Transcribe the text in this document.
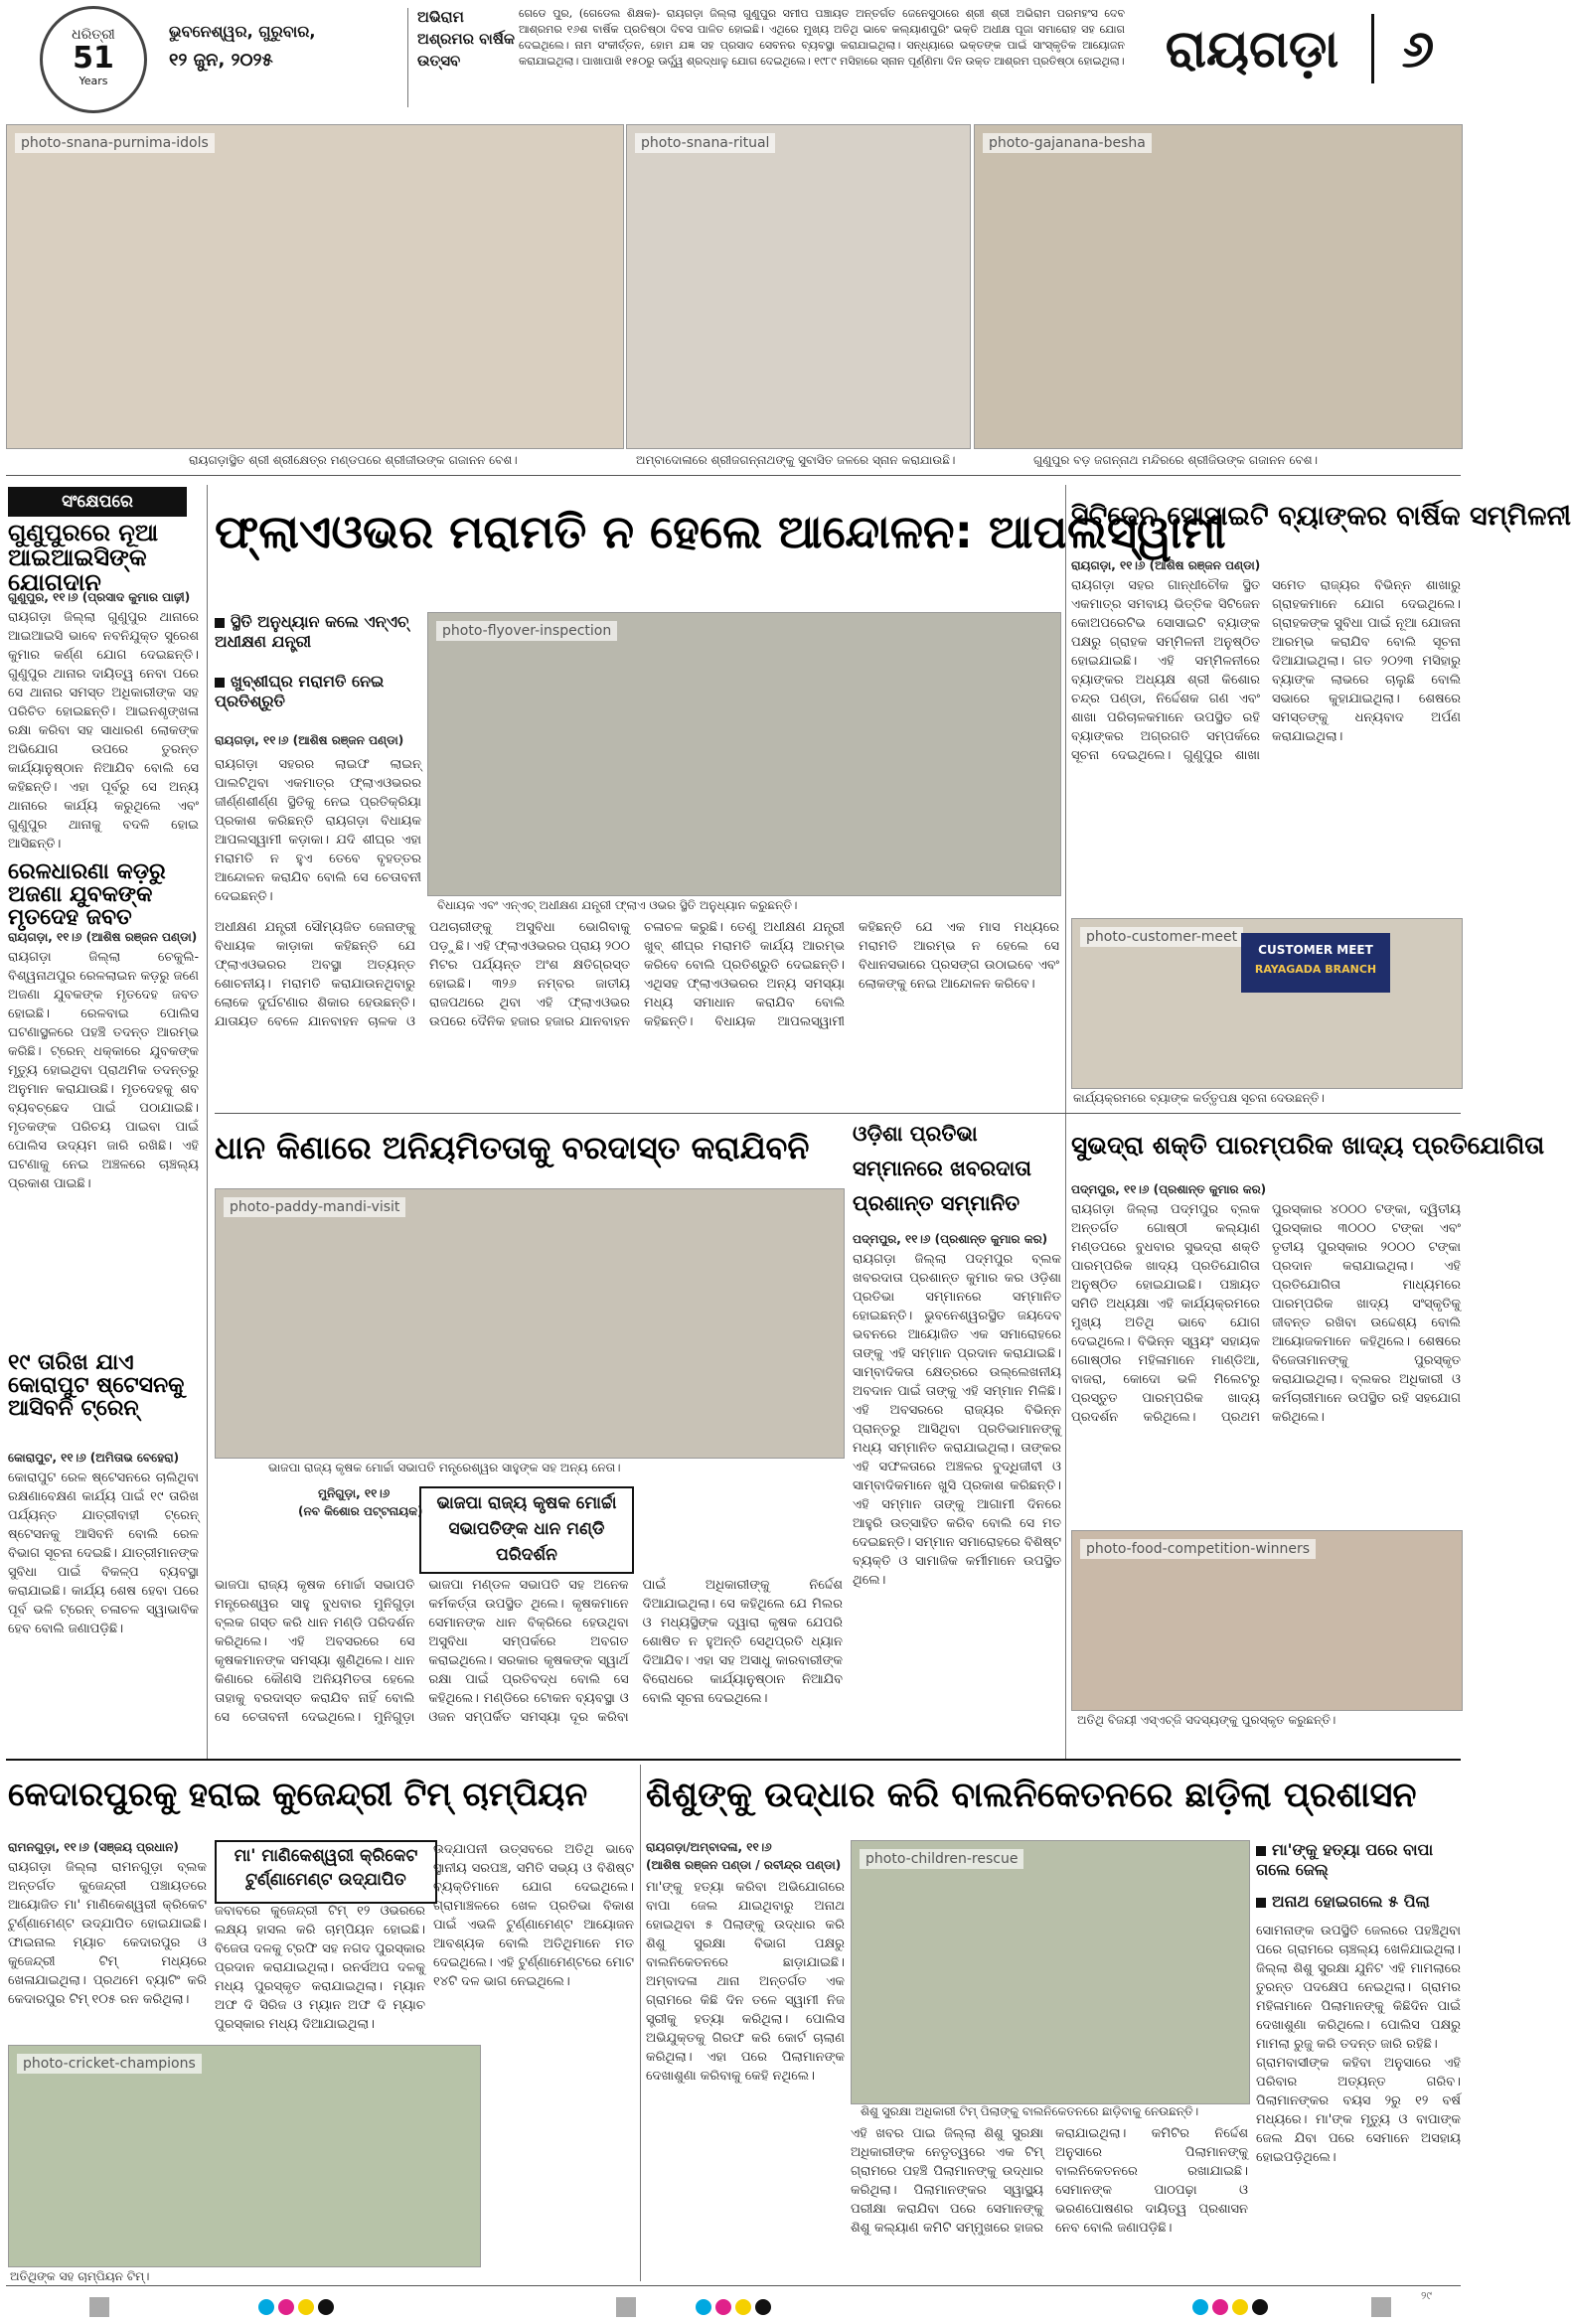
ଧରିତ୍ରୀ
51
Years
ଭୁବନେଶ୍ୱର, ଗୁରୁବାର,
୧୨ ଜୁନ, ୨୦୨୫
ଅଭିରାମ ଅଶ୍ରମର ବାର୍ଷିକ ଉତ୍ସବ
ଗେଡେ ପୁର, (ଗେଡେଲ ଶିକ୍ଷକ)- ରାୟଗଡ଼ା ଜିଲ୍ଲା ଗୁଣୁପୁର ସମୀପ ପଞ୍ଚାୟତ ଅନ୍ତର୍ଗତ ଜେନେସୁଠାରେ ଶ୍ରୀ ଶ୍ରୀ ଅଭିରାମ ପରମହଂସ ଦେବ ଆଶ୍ରମର ୧୬ଶ ବାର୍ଷିକ ପ୍ରତିଷ୍ଠା ଦିବସ ପାଳିତ ହୋଇଛି। ଏଥିରେ ମୁଖ୍ୟ ଅତିଥି ଭାବେ କଲ୍ୟାଣପୁରିଂ ଭକ୍ତି ଅଧୀକ୍ଷ ପୂଜା ସମାରୋହ ସହ ଯୋଗ ଦେଇଥିଲେ। ନାମ ସଂକୀର୍ତ୍ତନ, ହୋମ ଯଜ୍ଞ ସହ ପ୍ରସାଦ ସେବନର ବ୍ୟବସ୍ଥା କରାଯାଇଥିଲା। ସନ୍ଧ୍ୟାରେ ଭକ୍ତଙ୍କ ପାଇଁ ସାଂସ୍କୃତିକ ଆୟୋଜନ କରାଯାଇଥିଲା। ପାଖାପାଖି ୧୫୦ରୁ ଊର୍ଦ୍ଧ୍ୱ ଶ୍ରଦ୍ଧାଳୁ ଯୋଗ ଦେଇଥିଲେ। ୧୯୮୯ ମସିହାରେ ସ୍ନାନ ପୂର୍ଣ୍ଣିମା ଦିନ ଉକ୍ତ ଆଶ୍ରମ ପ୍ରତିଷ୍ଠା ହୋଇଥିଲା। ରାୟଗଡ଼ା	୬
photo-snana-purnima-idols
ରାୟଗଡ଼ାସ୍ଥିତ ଶ୍ରୀ ଶ୍ରୀକ୍ଷେତ୍ର ମଣ୍ଡପରେ ଶ୍ରୀଜୀଉଙ୍କ ଗଜାନନ ବେଶ।
photo-snana-ritual
ଅମ୍ବାଦୋଳାରେ ଶ୍ରୀଜଗନ୍ନାଥଙ୍କୁ ସୁବାସିତ ଜଳରେ ସ୍ନାନ କରାଯାଉଛି।
photo-gajanana-besha
ଗୁଣୁପୁର ବଡ଼ ଜଗନ୍ନାଥ ମନ୍ଦିରରେ ଶ୍ରୀଜିଉଙ୍କ ଗଜାନନ ବେଶ।
ସଂକ୍ଷେପରେ
ଗୁଣୁପୁରରେ ନୂଆ ଆଇଆଇସିଙ୍କ ଯୋଗଦାନ
ଗୁଣୁପୁର, ୧୧।୬ (ପ୍ରସାଦ କୁମାର ପାଢ଼ୀ)
ରାୟଗଡ଼ା ଜିଲ୍ଲା ଗୁଣୁପୁର ଥାନାରେ ଆଇଆଇସି ଭାବେ ନବନିଯୁକ୍ତ ସୁରେଶ କୁମାର କର୍ଣ୍ଣ ଯୋଗ ଦେଇଛନ୍ତି। ଗୁଣୁପୁର ଥାନାର ଦାୟିତ୍ୱ ନେବା ପରେ ସେ ଥାନାର ସମସ୍ତ ଅଧିକାରୀଙ୍କ ସହ ପରିଚିତ ହୋଇଛନ୍ତି। ଆଇନଶୃଙ୍ଖଳା ରକ୍ଷା କରିବା ସହ ସାଧାରଣ ଲୋକଙ୍କ ଅଭିଯୋଗ ଉପରେ ତୁରନ୍ତ କାର୍ଯ୍ୟାନୁଷ୍ଠାନ ନିଆଯିବ ବୋଲି ସେ କହିଛନ୍ତି। ଏହା ପୂର୍ବରୁ ସେ ଅନ୍ୟ ଥାନାରେ କାର୍ଯ୍ୟ କରୁଥିଲେ ଏବଂ ଗୁଣୁପୁର ଥାନାକୁ ବଦଳି ହୋଇ ଆସିଛନ୍ତି।
ରେଳଧାରଣା କଡ଼ରୁ ଅଜଣା ଯୁବକଙ୍କ ମୃତଦେହ ଜବତ
ରାୟଗଡ଼ା, ୧୧।୬ (ଆଶିଷ ରଞ୍ଜନ ପଣ୍ଡା)
ରାୟଗଡ଼ା ଜିଲ୍ଲା ଚେକୁଲି-ବିଶ୍ୱନାଥପୁର ରେଳଲାଇନ କଡ଼ରୁ ଜଣେ ଅଜଣା ଯୁବକଙ୍କ ମୃତଦେହ ଜବତ ହୋଇଛି। ରେଳବାଇ ପୋଲିସ ଘଟଣାସ୍ଥଳରେ ପହଞ୍ଚି ତଦନ୍ତ ଆରମ୍ଭ କରିଛି। ଟ୍ରେନ୍ ଧକ୍କାରେ ଯୁବକଙ୍କ ମୃତ୍ୟୁ ହୋଇଥିବା ପ୍ରାଥମିକ ତଦନ୍ତରୁ ଅନୁମାନ କରାଯାଉଛି। ମୃତଦେହକୁ ଶବ ବ୍ୟବଚ୍ଛେଦ ପାଇଁ ପଠାଯାଇଛି। ମୃତକଙ୍କ ପରିଚୟ ପାଇବା ପାଇଁ ପୋଲିସ ଉଦ୍ୟମ ଜାରି ରଖିଛି। ଏହି ଘଟଣାକୁ ନେଇ ଅଞ୍ଚଳରେ ଚାଞ୍ଚଲ୍ୟ ପ୍ରକାଶ ପାଇଛି।
୧୯ ତାରିଖ ଯାଏ କୋରାପୁଟ ଷ୍ଟେସନକୁ ଆସିବନି ଟ୍ରେନ୍
କୋରାପୁଟ, ୧୧।୬ (ଅମିତାଭ ବେହେରା)
କୋରାପୁଟ ରେଳ ଷ୍ଟେସନରେ ଚାଲିଥିବା ରକ୍ଷଣାବେକ୍ଷଣ କାର୍ଯ୍ୟ ପାଇଁ ୧୯ ତାରିଖ ପର୍ଯ୍ୟନ୍ତ ଯାତ୍ରୀବାହୀ ଟ୍ରେନ୍ ଷ୍ଟେସନକୁ ଆସିବନି ବୋଲି ରେଳ ବିଭାଗ ସୂଚନା ଦେଇଛି। ଯାତ୍ରୀମାନଙ୍କ ସୁବିଧା ପାଇଁ ବିକଳ୍ପ ବ୍ୟବସ୍ଥା କରାଯାଇଛି। କାର୍ଯ୍ୟ ଶେଷ ହେବା ପରେ ପୂର୍ବ ଭଳି ଟ୍ରେନ୍ ଚଳାଚଳ ସ୍ୱାଭାବିକ ହେବ ବୋଲି ଜଣାପଡ଼ିଛି।
ଫ୍ଲାଏଓଭର ମରାମତି ନ ହେଲେ ଆନ୍ଦୋଳନ: ଆପଲସ୍ୱାମୀ
ସ୍ଥିତି ଅନୁଧ୍ୟାନ କଲେ ଏନ୍‌ଏଚ୍ ଅଧୀକ୍ଷଣ ଯନ୍ତ୍ରୀ
ଖୁବ୍‌ଶୀଘ୍ର ମରାମତି ନେଇ ପ୍ରତିଶ୍ରୁତି
ରାୟଗଡ଼ା, ୧୧।୬ (ଆଶିଷ ରଞ୍ଜନ ପଣ୍ଡା)
ରାୟଗଡ଼ା ସହରର ଲାଇଫ ଲାଇନ୍ ପାଲଟିଥିବା ଏକମାତ୍ର ଫ୍ଲାଏଓଭରର ଜୀର୍ଣ୍ଣଶୀର୍ଣ୍ଣ ସ୍ଥିତିକୁ ନେଇ ପ୍ରତିକ୍ରିୟା ପ୍ରକାଶ କରିଛନ୍ତି ରାୟଗଡ଼ା ବିଧାୟକ ଆପଲସ୍ୱାମୀ କଡ଼ାକା। ଯଦି ଶୀଘ୍ର ଏହା ମରାମତି ନ ହୁଏ ତେବେ ବୃହତ୍ତର ଆନ୍ଦୋଳନ କରାଯିବ ବୋଲି ସେ ଚେତାବନୀ ଦେଇଛନ୍ତି।
photo-flyover-inspection
ବିଧାୟକ ଏବଂ ଏନ୍‌ଏଚ୍ ଅଧୀକ୍ଷଣ ଯନ୍ତ୍ରୀ ଫ୍ଲାଏ ଓଭର ସ୍ଥିତି ଅନୁଧ୍ୟାନ କରୁଛନ୍ତି।
ଅଧୀକ୍ଷଣ ଯନ୍ତ୍ରୀ ସୌମ୍ୟଜିତ ଜେନାଙ୍କୁ ବିଧାୟକ କାଡ଼ାକା କହିଛନ୍ତି ଯେ ଫ୍ଲାଏଓଭରର ଅବସ୍ଥା ଅତ୍ୟନ୍ତ ଶୋଚନୀୟ। ମରାମତି କରାଯାଉନଥିବାରୁ ଲୋକେ ଦୁର୍ଘଟଣାର ଶିକାର ହେଉଛନ୍ତି। ଯାତାୟତ ବେଳେ ଯାନବାହନ ଚାଳକ ଓ ପଥଚାରୀଙ୍କୁ ଅସୁବିଧା ଭୋଗିବାକୁ ପଡ଼ୁଛି। ଏହି ଫ୍ଲାଏଓଭରର ପ୍ରାୟ ୨୦୦ ମିଟର ପର୍ଯ୍ୟନ୍ତ ଅଂଶ କ୍ଷତିଗ୍ରସ୍ତ ହୋଇଛି। ୩୨୬ ନମ୍ବର ଜାତୀୟ ରାଜପଥରେ ଥିବା ଏହି ଫ୍ଲାଏଓଭର ଉପରେ ଦୈନିକ ହଜାର ହଜାର ଯାନବାହନ ଚଳାଚଳ କରୁଛି। ତେଣୁ ଅଧୀକ୍ଷଣ ଯନ୍ତ୍ରୀ ଖୁବ୍ ଶୀଘ୍ର ମରାମତି କାର୍ଯ୍ୟ ଆରମ୍ଭ କରିବେ ବୋଲି ପ୍ରତିଶ୍ରୁତି ଦେଇଛନ୍ତି। ଏଥିସହ ଫ୍ଲାଏଓଭରର ଅନ୍ୟ ସମସ୍ୟା ମଧ୍ୟ ସମାଧାନ କରାଯିବ ବୋଲି କହିଛନ୍ତି। ବିଧାୟକ ଆପଲସ୍ୱାମୀ କହିଛନ୍ତି ଯେ ଏକ ମାସ ମଧ୍ୟରେ ମରାମତି ଆରମ୍ଭ ନ ହେଲେ ସେ ବିଧାନସଭାରେ ପ୍ରସଙ୍ଗ ଉଠାଇବେ ଏବଂ ଲୋକଙ୍କୁ ନେଇ ଆନ୍ଦୋଳନ କରିବେ।
ସିଟିଜେନ ସୋସାଇଟି ବ୍ୟାଙ୍କର ବାର୍ଷିକ ସମ୍ମିଳନୀ
ରାୟଗଡ଼ା, ୧୧।୬ (ଆଶିଷ ରଞ୍ଜନ ପଣ୍ଡା)
ରାୟଗଡ଼ା ସହର ଗାନ୍ଧୀଚୌକ ସ୍ଥିତ ଏକମାତ୍ର ସମବାୟ ଭିତ୍ତିକ ସିଟିଜେନ କୋଅପରେଟିଭ ସୋସାଇଟି ବ୍ୟାଙ୍କ ପକ୍ଷରୁ ଗ୍ରାହକ ସମ୍ମିଳନୀ ଅନୁଷ୍ଠିତ ହୋଇଯାଇଛି। ଏହି ସମ୍ମିଳନୀରେ ବ୍ୟାଙ୍କର ଅଧ୍ୟକ୍ଷ ଶ୍ରୀ କିଶୋର ଚନ୍ଦ୍ର ପଣ୍ଡା, ନିର୍ଦ୍ଦେଶକ ଗଣ ଏବଂ ଶାଖା ପରିଚାଳକମାନେ ଉପସ୍ଥିତ ରହି ବ୍ୟାଙ୍କର ଅଗ୍ରଗତି ସମ୍ପର୍କରେ ସୂଚନା ଦେଇଥିଲେ। ଗୁଣୁପୁର ଶାଖା ସମେତ ରାଜ୍ୟର ବିଭିନ୍ନ ଶାଖାରୁ ଗ୍ରାହକମାନେ ଯୋଗ ଦେଇଥିଲେ। ଗ୍ରାହକଙ୍କ ସୁବିଧା ପାଇଁ ନୂଆ ଯୋଜନା ଆରମ୍ଭ କରାଯିବ ବୋଲି ସୂଚନା ଦିଆଯାଇଥିଲା। ଗତ ୨୦୨୩ ମସିହାରୁ ବ୍ୟାଙ୍କ ଲାଭରେ ଚାଲୁଛି ବୋଲି ସଭାରେ କୁହାଯାଇଥିଲା। ଶେଷରେ ସମସ୍ତଙ୍କୁ ଧନ୍ୟବାଦ ଅର୍ପଣ କରାଯାଇଥିଲା।
photo-customer-meet
CUSTOMER MEET
RAYAGADA BRANCH
କାର୍ଯ୍ୟକ୍ରମରେ ବ୍ୟାଙ୍କ କର୍ତ୍ତୃପକ୍ଷ ସୂଚନା ଦେଉଛନ୍ତି।
ଧାନ କିଣାରେ ଅନିୟମିତତାକୁ ବରଦାସ୍ତ କରାଯିବନି
photo-paddy-mandi-visit
ଭାଜପା ରାଜ୍ୟ କୃଷକ ମୋର୍ଚ୍ଚା ସଭାପତି ମନ୍ତ୍ରେଶ୍ୱର ସାହୁଙ୍କ ସହ ଅନ୍ୟ ନେତା।
ମୁନିଗୁଡ଼ା, ୧୧।୬
(ନବ କିଶୋର ପଟ୍ଟନାୟକ) ଭାଜପା ରାଜ୍ୟ କୃଷକ ମୋର୍ଚ୍ଚା ସଭାପତିଙ୍କ ଧାନ ମଣ୍ଡି ପରିଦର୍ଶନ
ଭାଜପା ରାଜ୍ୟ କୃଷକ ମୋର୍ଚ୍ଚା ସଭାପତି ମନ୍ତ୍ରେଶ୍ୱର ସାହୁ ବୁଧବାର ମୁନିଗୁଡ଼ା ବ୍ଲକ ଗସ୍ତ କରି ଧାନ ମଣ୍ଡି ପରିଦର୍ଶନ କରିଥିଲେ। ଏହି ଅବସରରେ ସେ କୃଷକମାନଙ୍କ ସମସ୍ୟା ଶୁଣିଥିଲେ। ଧାନ କିଣାରେ କୌଣସି ଅନିୟମିତତା ହେଲେ ତାହାକୁ ବରଦାସ୍ତ କରାଯିବ ନାହିଁ ବୋଲି ସେ ଚେତାବନୀ ଦେଇଥିଲେ। ମୁନିଗୁଡ଼ା ଭାଜପା ମଣ୍ଡଳ ସଭାପତି ସହ ଅନେକ କର୍ମକର୍ତ୍ତା ଉପସ୍ଥିତ ଥିଲେ। କୃଷକମାନେ ସେମାନଙ୍କ ଧାନ ବିକ୍ରିରେ ହେଉଥିବା ଅସୁବିଧା ସମ୍ପର୍କରେ ଅବଗତ କରାଇଥିଲେ। ସରକାର କୃଷକଙ୍କ ସ୍ୱାର୍ଥ ରକ୍ଷା ପାଇଁ ପ୍ରତିବଦ୍ଧ ବୋଲି ସେ କହିଥିଲେ। ମଣ୍ଡିରେ ଟୋକନ ବ୍ୟବସ୍ଥା ଓ ଓଜନ ସମ୍ପର୍କିତ ସମସ୍ୟା ଦୂର କରିବା ପାଇଁ ଅଧିକାରୀଙ୍କୁ ନିର୍ଦ୍ଦେଶ ଦିଆଯାଇଥିଲା। ସେ କହିଥିଲେ ଯେ ମିଲର ଓ ମଧ୍ୟସ୍ଥିଙ୍କ ଦ୍ୱାରା କୃଷକ ଯେପରି ଶୋଷିତ ନ ହୁଅନ୍ତି ସେଥିପ୍ରତି ଧ୍ୟାନ ଦିଆଯିବ। ଏହା ସହ ଅସାଧୁ କାରବାରୀଙ୍କ ବିରୋଧରେ କାର୍ଯ୍ୟାନୁଷ୍ଠାନ ନିଆଯିବ ବୋଲି ସୂଚନା ଦେଇଥିଲେ।
ଓଡ଼ିଶା ପ୍ରତିଭା ସମ୍ମାନରେ ଖବରଦାତା ପ୍ରଶାନ୍ତ ସମ୍ମାନିତ
ପଦ୍ମପୁର, ୧୧।୬ (ପ୍ରଶାନ୍ତ କୁମାର କର)
ରାୟଗଡ଼ା ଜିଲ୍ଲା ପଦ୍ମପୁର ବ୍ଲକ ଖବରଦାତା ପ୍ରଶାନ୍ତ କୁମାର କର ଓଡ଼ିଶା ପ୍ରତିଭା ସମ୍ମାନରେ ସମ୍ମାନିତ ହୋଇଛନ୍ତି। ଭୁବନେଶ୍ୱରସ୍ଥିତ ଜୟଦେବ ଭବନରେ ଆୟୋଜିତ ଏକ ସମାରୋହରେ ତାଙ୍କୁ ଏହି ସମ୍ମାନ ପ୍ରଦାନ କରାଯାଇଛି। ସାମ୍ବାଦିକତା କ୍ଷେତ୍ରରେ ଉଲ୍ଲେଖନୀୟ ଅବଦାନ ପାଇଁ ତାଙ୍କୁ ଏହି ସମ୍ମାନ ମିଳିଛି। ଏହି ଅବସରରେ ରାଜ୍ୟର ବିଭିନ୍ନ ପ୍ରାନ୍ତରୁ ଆସିଥିବା ପ୍ରତିଭାମାନଙ୍କୁ ମଧ୍ୟ ସମ୍ମାନିତ କରାଯାଇଥିଲା। ତାଙ୍କର ଏହି ସଫଳତାରେ ଅଞ୍ଚଳର ବୁଦ୍ଧିଜୀବୀ ଓ ସାମ୍ବାଦିକମାନେ ଖୁସି ପ୍ରକାଶ କରିଛନ୍ତି। ଏହି ସମ୍ମାନ ତାଙ୍କୁ ଆଗାମୀ ଦିନରେ ଆହୁରି ଉତ୍ସାହିତ କରିବ ବୋଲି ସେ ମତ ଦେଇଛନ୍ତି। ସମ୍ମାନ ସମାରୋହରେ ବିଶିଷ୍ଟ ବ୍ୟକ୍ତି ଓ ସାମାଜିକ କର୍ମୀମାନେ ଉପସ୍ଥିତ ଥିଲେ।
ସୁଭଦ୍ରା ଶକ୍ତି ପାରମ୍ପରିକ ଖାଦ୍ୟ ପ୍ରତିଯୋଗିତା
ପଦ୍ମପୁର, ୧୧।୬ (ପ୍ରଶାନ୍ତ କୁମାର କର)
ରାୟଗଡ଼ା ଜିଲ୍ଲା ପଦ୍ମପୁର ବ୍ଲକ ଅନ୍ତର୍ଗତ ଗୋଷ୍ଠୀ କଲ୍ୟାଣ ମଣ୍ଡପରେ ବୁଧବାର ସୁଭଦ୍ରା ଶକ୍ତି ପାରମ୍ପରିକ ଖାଦ୍ୟ ପ୍ରତିଯୋଗିତା ଅନୁଷ୍ଠିତ ହୋଇଯାଇଛି। ପଞ୍ଚାୟତ ସମିତି ଅଧ୍ୟକ୍ଷା ଏହି କାର୍ଯ୍ୟକ୍ରମରେ ମୁଖ୍ୟ ଅତିଥି ଭାବେ ଯୋଗ ଦେଇଥିଲେ। ବିଭିନ୍ନ ସ୍ୱୟଂ ସହାୟକ ଗୋଷ୍ଠୀର ମହିଳାମାନେ ମାଣ୍ଡିଆ, ବାଜରା, କୋଦୋ ଭଳି ମିଲେଟରୁ ପ୍ରସ୍ତୁତ ପାରମ୍ପରିକ ଖାଦ୍ୟ ପ୍ରଦର୍ଶନ କରିଥିଲେ। ପ୍ରଥମ ପୁରସ୍କାର ୪୦୦୦ ଟଙ୍କା, ଦ୍ୱିତୀୟ ପୁରସ୍କାର ୩୦୦୦ ଟଙ୍କା ଏବଂ ତୃତୀୟ ପୁରସ୍କାର ୨୦୦୦ ଟଙ୍କା ପ୍ରଦାନ କରାଯାଇଥିଲା। ଏହି ପ୍ରତିଯୋଗିତା ମାଧ୍ୟମରେ ପାରମ୍ପରିକ ଖାଦ୍ୟ ସଂସ୍କୃତିକୁ ଜୀବନ୍ତ ରଖିବା ଉଦ୍ଦେଶ୍ୟ ବୋଲି ଆୟୋଜକମାନେ କହିଥିଲେ। ଶେଷରେ ବିଜେତାମାନଙ୍କୁ ପୁରସ୍କୃତ କରାଯାଇଥିଲା। ବ୍ଲକର ଅଧିକାରୀ ଓ କର୍ମଚାରୀମାନେ ଉପସ୍ଥିତ ରହି ସହଯୋଗ କରିଥିଲେ।
photo-food-competition-winners
ଅତିଥି ବିଜୟୀ ଏସ୍‌ଏଚ୍‌ଜି ସଦସ୍ୟଙ୍କୁ ପୁରସ୍କୃତ କରୁଛନ୍ତି।
କେଦାରପୁରକୁ ହରାଇ କୁଜେନ୍ଦ୍ରୀ ଟିମ୍ ଚାମ୍ପିୟନ
ରାମନଗୁଡ଼ା, ୧୧।୬ (ସଞ୍ଜୟ ପ୍ରଧାନ)
ରାୟଗଡ଼ା ଜିଲ୍ଲା ରାମନଗୁଡ଼ା ବ୍ଲକ ଅନ୍ତର୍ଗତ କୁଜେନ୍ଦ୍ରୀ ପଞ୍ଚାୟତରେ ଆୟୋଜିତ ମା' ମାଣିକେଶ୍ୱରୀ କ୍ରିକେଟ ଟୁର୍ଣ୍ଣାମେଣ୍ଟ ଉଦ୍‌ଯାପିତ ହୋଇଯାଇଛି। ଫାଇନାଲ ମ୍ୟାଚ କେଦାରପୁର ଓ କୁଜେନ୍ଦ୍ରୀ ଟିମ୍ ମଧ୍ୟରେ ଖେଳାଯାଇଥିଲା। ପ୍ରଥମେ ବ୍ୟାଟିଂ କରି କେଦାରପୁର ଟିମ୍ ୧୦୫ ରନ କରିଥିଲା।
ମା' ମାଣିକେଶ୍ୱରୀ କ୍ରିକେଟ ଟୁର୍ଣ୍ଣାମେଣ୍ଟ ଉଦ୍‌ଯାପିତ
ଜବାବରେ କୁଜେନ୍ଦ୍ରୀ ଟିମ୍ ୧୨ ଓଭରରେ ଲକ୍ଷ୍ୟ ହାସଲ କରି ଚାମ୍ପିୟନ ହୋଇଛି। ବିଜେତା ଦଳକୁ ଟ୍ରଫି ସହ ନଗଦ ପୁରସ୍କାର ପ୍ରଦାନ କରାଯାଇଥିଲା। ରନର୍ସଅପ ଦଳକୁ ମଧ୍ୟ ପୁରସ୍କୃତ କରାଯାଇଥିଲା। ମ୍ୟାନ ଅଫ ଦି ସିରିଜ ଓ ମ୍ୟାନ ଅଫ ଦି ମ୍ୟାଚ ପୁରସ୍କାର ମଧ୍ୟ ଦିଆଯାଇଥିଲା।
ଉଦ୍‌ଯାପନୀ ଉତ୍ସବରେ ଅତିଥି ଭାବେ ସ୍ଥାନୀୟ ସରପଞ୍ଚ, ସମିତି ସଭ୍ୟ ଓ ବିଶିଷ୍ଟ ବ୍ୟକ୍ତିମାନେ ଯୋଗ ଦେଇଥିଲେ। ଗ୍ରାମାଞ୍ଚଳରେ ଖେଳ ପ୍ରତିଭା ବିକାଶ ପାଇଁ ଏଭଳି ଟୁର୍ଣ୍ଣାମେଣ୍ଟ ଆୟୋଜନ ଆବଶ୍ୟକ ବୋଲି ଅତିଥିମାନେ ମତ ଦେଇଥିଲେ। ଏହି ଟୁର୍ଣ୍ଣାମେଣ୍ଟରେ ମୋଟ ୧୪ଟି ଦଳ ଭାଗ ନେଇଥିଲେ।
photo-cricket-champions
ଅତିଥିଙ୍କ ସହ ଚାମ୍ପିୟନ ଟିମ୍।
ଶିଶୁଙ୍କୁ ଉଦ୍ଧାର କରି ବାଲନିକେତନରେ ଛାଡ଼ିଲା ପ୍ରଶାସନ
ରାୟଗଡ଼ା/ଅମ୍ବାଦଳା, ୧୧।୬
(ଆଶିଷ ରଞ୍ଜନ ପଣ୍ଡା / ରବୀନ୍ଦ୍ର ପଣ୍ଡା)
ମା'ଙ୍କୁ ହତ୍ୟା କରିବା ଅଭିଯୋଗରେ ବାପା ଜେଲ ଯାଇଥିବାରୁ ଅନାଥ ହୋଇଥିବା ୫ ପିଲାଙ୍କୁ ଉଦ୍ଧାର କରି ଶିଶୁ ସୁରକ୍ଷା ବିଭାଗ ପକ୍ଷରୁ ବାଲନିକେତନରେ ଛାଡ଼ାଯାଇଛି। ଅମ୍ବାଦଳା ଥାନା ଅନ୍ତର୍ଗତ ଏକ ଗ୍ରାମରେ କିଛି ଦିନ ତଳେ ସ୍ୱାମୀ ନିଜ ସ୍ତ୍ରୀକୁ ହତ୍ୟା କରିଥିଲା। ପୋଲିସ ଅଭିଯୁକ୍ତକୁ ଗିରଫ କରି କୋର୍ଟ ଚାଲାଣ କରିଥିଲା। ଏହା ପରେ ପିଲାମାନଙ୍କ ଦେଖାଶୁଣା କରିବାକୁ କେହି ନଥିଲେ।
photo-children-rescue
ଶିଶୁ ସୁରକ୍ଷା ଅଧିକାରୀ ଟିମ୍ ପିଲାଙ୍କୁ ବାଲନିକେତନରେ ଛାଡ଼ିବାକୁ ନେଉଛନ୍ତି।
ଏହି ଖବର ପାଇ ଜିଲ୍ଲା ଶିଶୁ ସୁରକ୍ଷା ଅଧିକାରୀଙ୍କ ନେତୃତ୍ୱରେ ଏକ ଟିମ୍ ଗ୍ରାମରେ ପହଞ୍ଚି ପିଲାମାନଙ୍କୁ ଉଦ୍ଧାର କରିଥିଲା। ପିଲାମାନଙ୍କର ସ୍ୱାସ୍ଥ୍ୟ ପରୀକ୍ଷା କରାଯିବା ପରେ ସେମାନଙ୍କୁ ଶିଶୁ କଲ୍ୟାଣ କମିଟି ସମ୍ମୁଖରେ ହାଜର କରାଯାଇଥିଲା। କମିଟିର ନିର୍ଦ୍ଦେଶ ଅନୁସାରେ ପିଲାମାନଙ୍କୁ ବାଲନିକେତନରେ ରଖାଯାଇଛି। ସେମାନଙ୍କ ପାଠପଢ଼ା ଓ ଭରଣପୋଷଣର ଦାୟିତ୍ୱ ପ୍ରଶାସନ ନେବ ବୋଲି ଜଣାପଡ଼ିଛି।
ମା'ଙ୍କୁ ହତ୍ୟା ପରେ ବାପା ଗଲେ ଜେଲ୍
ଅନାଥ ହୋଇଗଲେ ୫ ପିଲା
ସୋମନାଙ୍କ ଉପସ୍ଥିତି ଜେଲରେ ପହଞ୍ଚିଥିବା ପରେ ଗ୍ରାମରେ ଚାଞ୍ଚଲ୍ୟ ଖେଳିଯାଇଥିଲା। ଜିଲ୍ଲା ଶିଶୁ ସୁରକ୍ଷା ଯୁନିଟ ଏହି ମାମଲାରେ ତୁରନ୍ତ ପଦକ୍ଷେପ ନେଇଥିଲା। ଗ୍ରାମର ମହିଳାମାନେ ପିଲାମାନଙ୍କୁ କିଛିଦିନ ପାଇଁ ଦେଖାଶୁଣା କରିଥିଲେ। ପୋଲିସ ପକ୍ଷରୁ ମାମଲା ରୁଜୁ କରି ତଦନ୍ତ ଜାରି ରହିଛି।
ଗ୍ରାମବାସୀଙ୍କ କହିବା ଅନୁସାରେ ଏହି ପରିବାର ଅତ୍ୟନ୍ତ ଗରିବ। ପିଲାମାନଙ୍କର ବୟସ ୨ରୁ ୧୨ ବର୍ଷ ମଧ୍ୟରେ। ମା'ଙ୍କ ମୃତ୍ୟୁ ଓ ବାପାଙ୍କ ଜେଲ ଯିବା ପରେ ସେମାନେ ଅସହାୟ ହୋଇପଡ଼ିଥିଲେ।
୨୯
